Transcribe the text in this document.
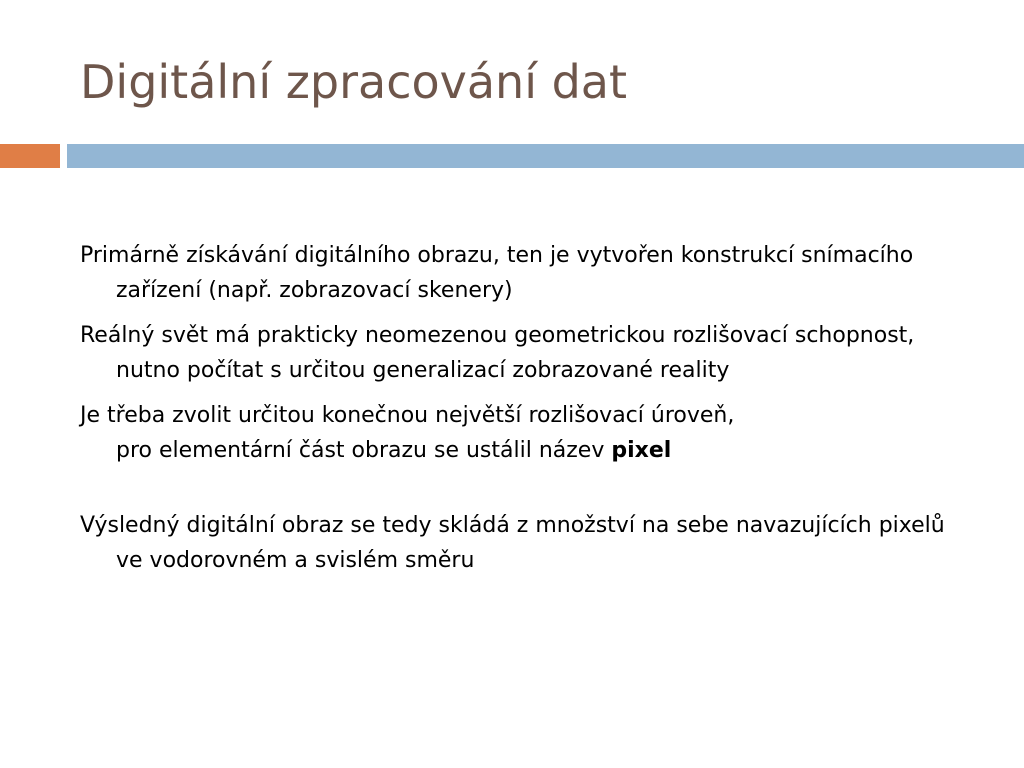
Digitální zpracování dat

Primárně získávání digitálního obrazu, ten je vytvořen konstrukcí snímacího zařízení (např. zobrazovací skenery)

Reálný svět má prakticky neomezenou geometrickou rozlišovací schopnost, nutno počítat s určitou generalizací zobrazované reality

Je třeba zvolit určitou konečnou největší rozlišovací úroveň,
pro elementární část obrazu se ustálil název pixel

Výsledný digitální obraz se tedy skládá z množství na sebe navazujících pixelů ve vodorovném a svislém směru
